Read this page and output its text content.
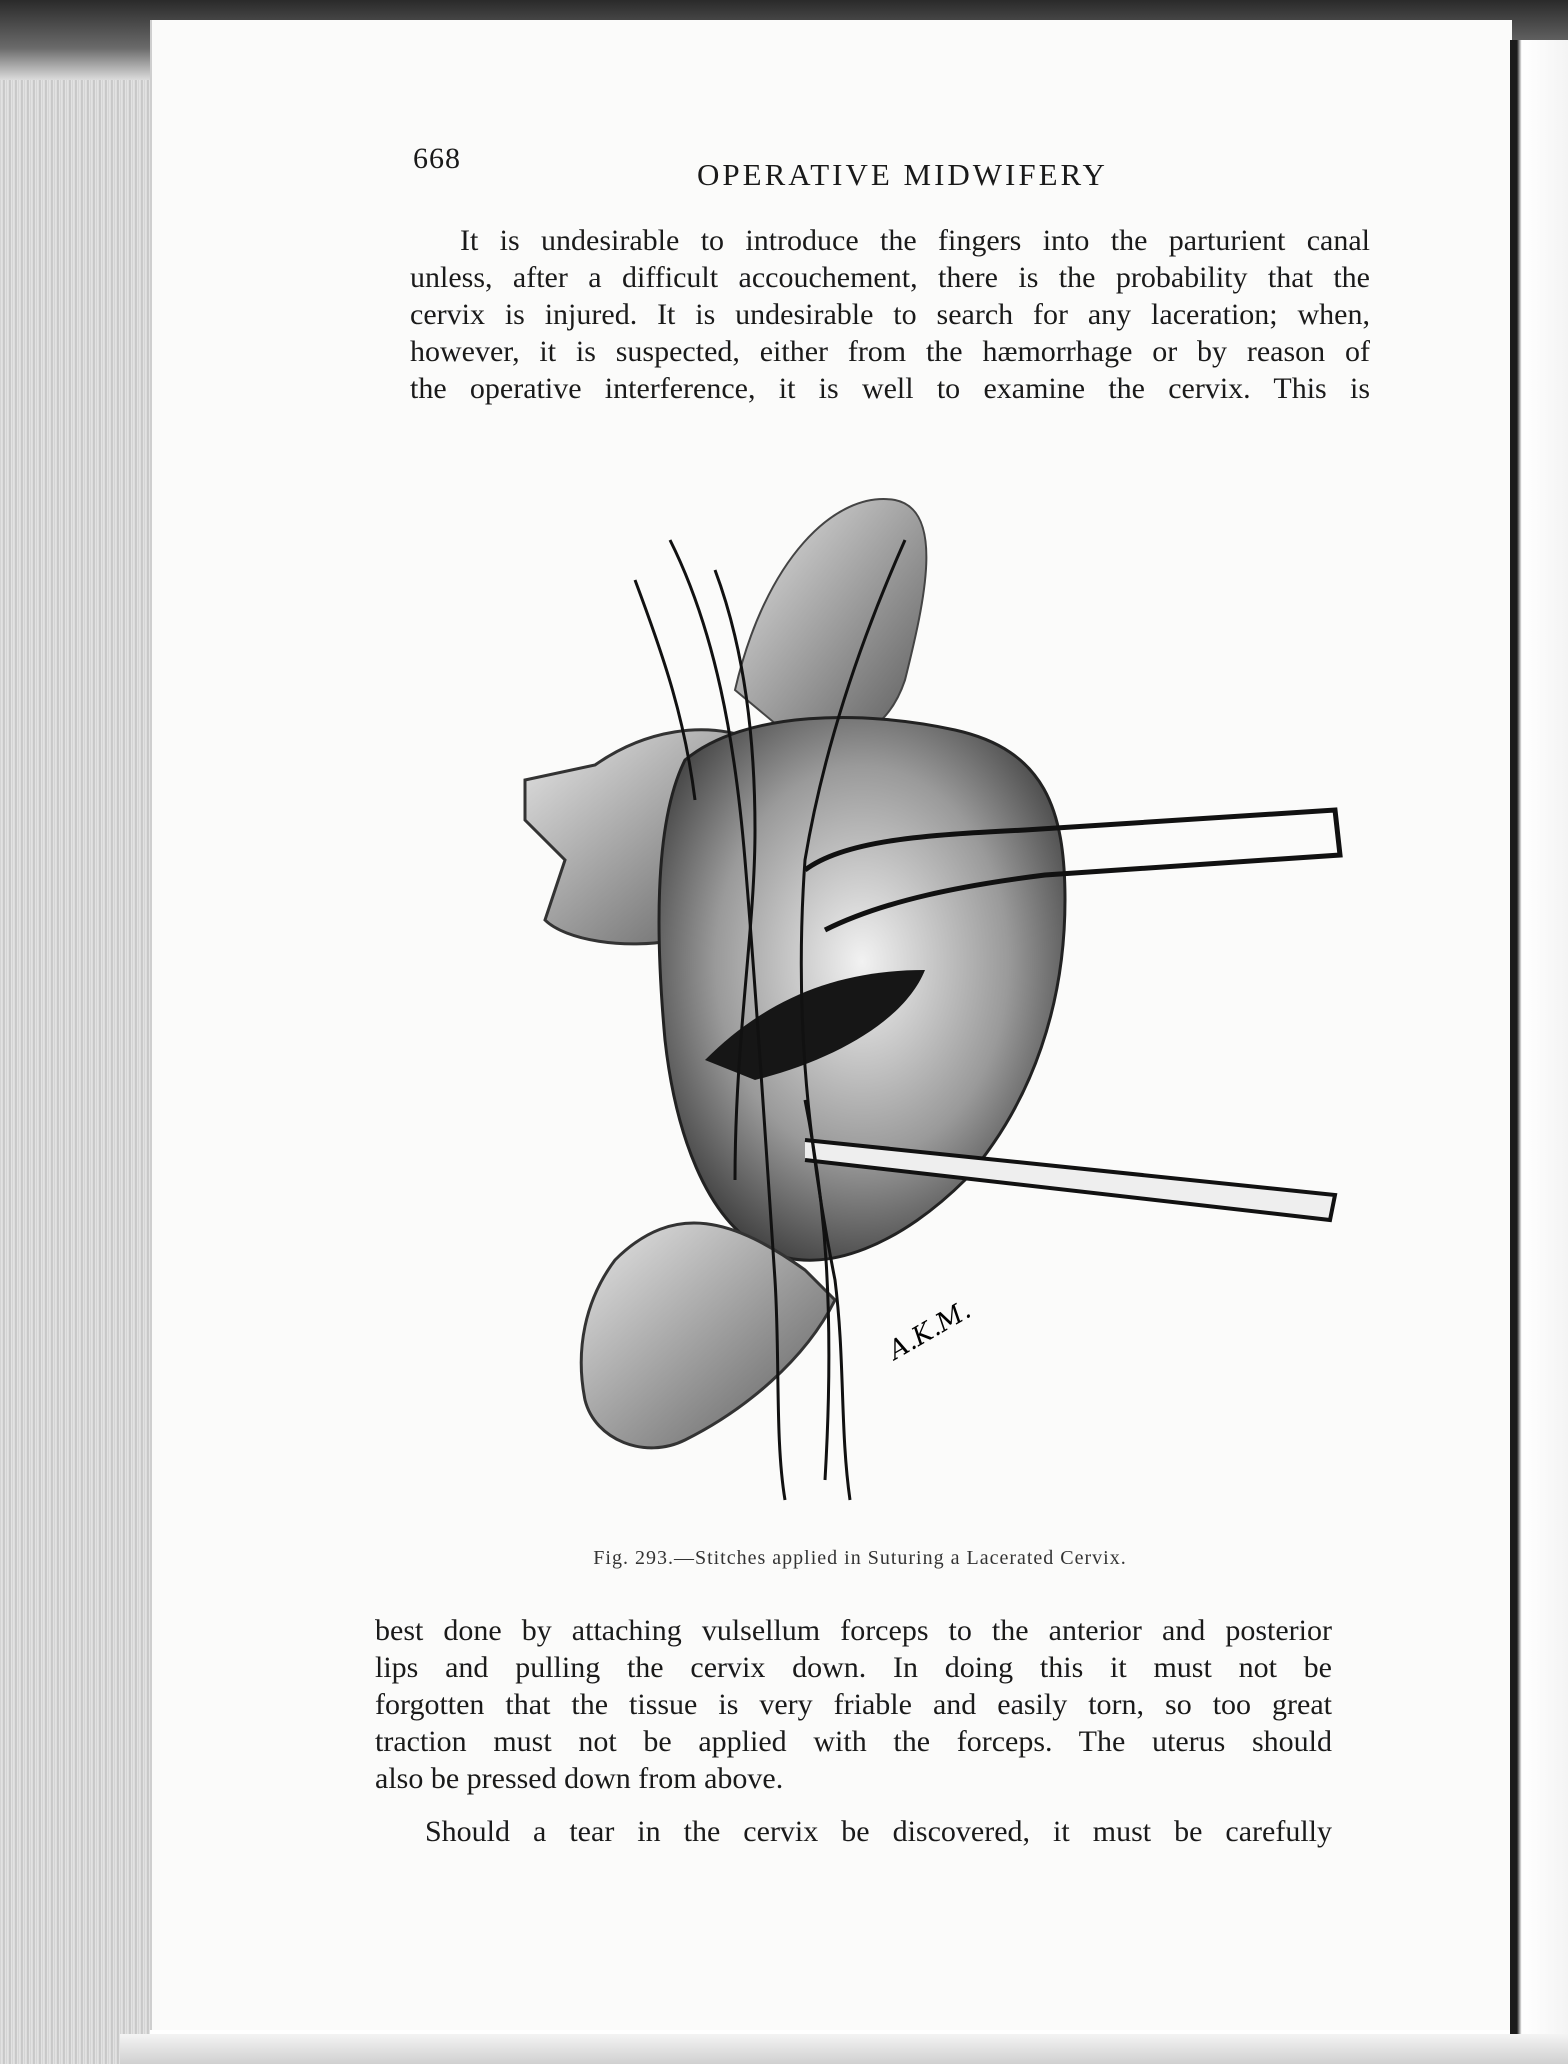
668	OPERATIVE MIDWIFERY
It is undesirable to introduce the fingers into the parturient canal
unless, after a difficult accouchement, there is the probability that the
cervix is injured. It is undesirable to search for any laceration; when,
however, it is suspected, either from the hæmorrhage or by reason of
the operative interference, it is well to examine the cervix. This is
A.K.M.
Fig. 293.—Stitches applied in Suturing a Lacerated Cervix.
best done by attaching vulsellum forceps to the anterior and posterior
lips and pulling the cervix down. In doing this it must not be
forgotten that the tissue is very friable and easily torn, so too great
traction must not be applied with the forceps. The uterus should
also be pressed down from above.
Should a tear in the cervix be discovered, it must be carefully
